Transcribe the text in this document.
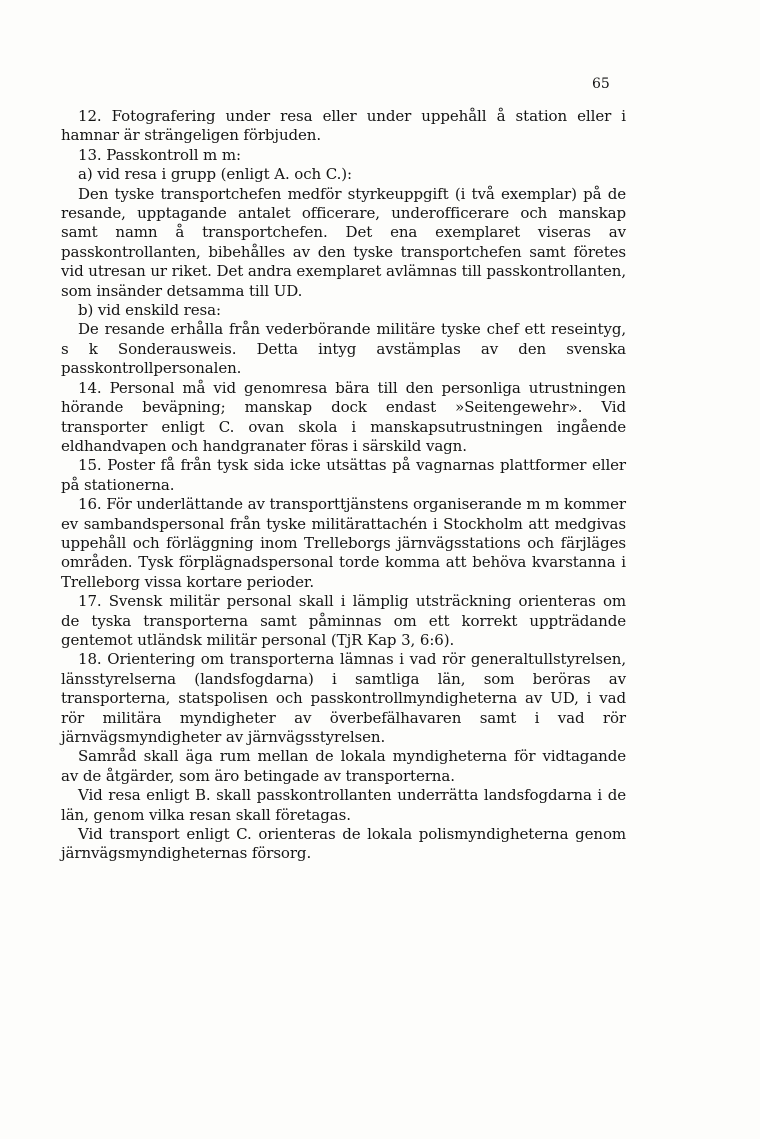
65

12. Fotografering under resa eller under uppehåll å station eller i hamnar är strängeligen förbjuden.

13. Passkontroll m m:

a) vid resa i grupp (enligt A. och C.):

Den tyske transportchefen medför styrkeuppgift (i två exemplar) på de resande, upptagande antalet officerare, underofficerare och manskap samt namn å transportchefen. Det ena exemplaret viseras av passkontrollanten, bibehålles av den tyske transportchefen samt företes vid utresan ur riket. Det andra exemplaret avlämnas till passkontrollanten, som insänder detsamma till UD.

b) vid enskild resa:

De resande erhålla från vederbörande militäre tyske chef ett reseintyg, s k Sonderausweis. Detta intyg avstämplas av den svenska passkontrollpersonalen.

14. Personal må vid genomresa bära till den personliga utrustningen hörande beväpning; manskap dock endast »Seitengewehr». Vid transporter enligt C. ovan skola i manskapsutrustningen ingående eldhandvapen och handgranater föras i särskild vagn.

15. Poster få från tysk sida icke utsättas på vagnarnas plattformer eller på stationerna.

16. För underlättande av transporttjänstens organiserande m m kommer ev sambandspersonal från tyske militärattachén i Stockholm att medgivas uppehåll och förläggning inom Trelleborgs järnvägsstations och färjläges områden. Tysk förplägnadspersonal torde komma att behöva kvarstanna i Trelleborg vissa kortare perioder.

17. Svensk militär personal skall i lämplig utsträckning orienteras om de tyska transporterna samt påminnas om ett korrekt uppträdande gentemot utländsk militär personal (TjR Kap 3, 6:6).

18. Orientering om transporterna lämnas i vad rör generaltullstyrelsen, länsstyrelserna (landsfogdarna) i samtliga län, som beröras av transporterna, statspolisen och passkontrollmyndigheterna av UD, i vad rör militära myndigheter av överbefälhavaren samt i vad rör järnvägsmyndigheter av järnvägsstyrelsen.

Samråd skall äga rum mellan de lokala myndigheterna för vidtagande av de åtgärder, som äro betingade av transporterna.

Vid resa enligt B. skall passkontrollanten underrätta landsfogdarna i de län, genom vilka resan skall företagas.

Vid transport enligt C. orienteras de lokala polismyndigheterna genom järnvägsmyndigheternas försorg.
